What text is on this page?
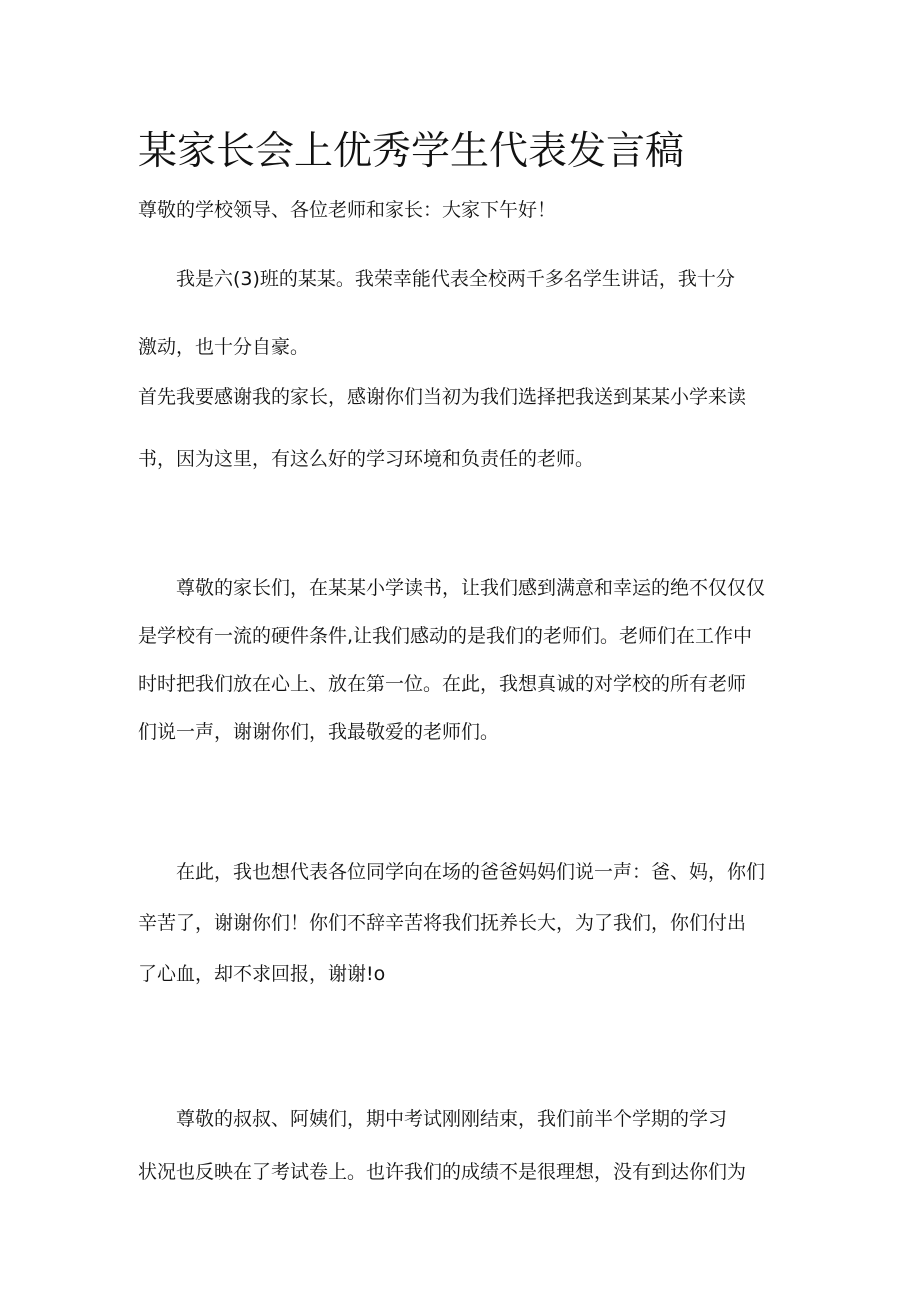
某家长会上优秀学生代表发言稿

尊敬的学校领导、各位老师和家长：大家下午好！

我是六(3)班的某某。我荣幸能代表全校两千多名学生讲话，我十分
激动，也十分自豪。

首先我要感谢我的家长，感谢你们当初为我们选择把我送到某某小学来读
书，因为这里，有这么好的学习环境和负责任的老师。

尊敬的家长们，在某某小学读书，让我们感到满意和幸运的绝不仅仅仅
是学校有一流的硬件条件,让我们感动的是我们的老师们。老师们在工作中
时时把我们放在心上、放在第一位。在此，我想真诚的对学校的所有老师
们说一声，谢谢你们，我最敬爱的老师们。

在此，我也想代表各位同学向在场的爸爸妈妈们说一声：爸、妈，你们
辛苦了，谢谢你们！你们不辞辛苦将我们抚养长大，为了我们，你们付出
了心血，却不求回报，谢谢!o

尊敬的叔叔、阿姨们，期中考试刚刚结束，我们前半个学期的学习
状况也反映在了考试卷上。也许我们的成绩不是很理想，没有到达你们为
